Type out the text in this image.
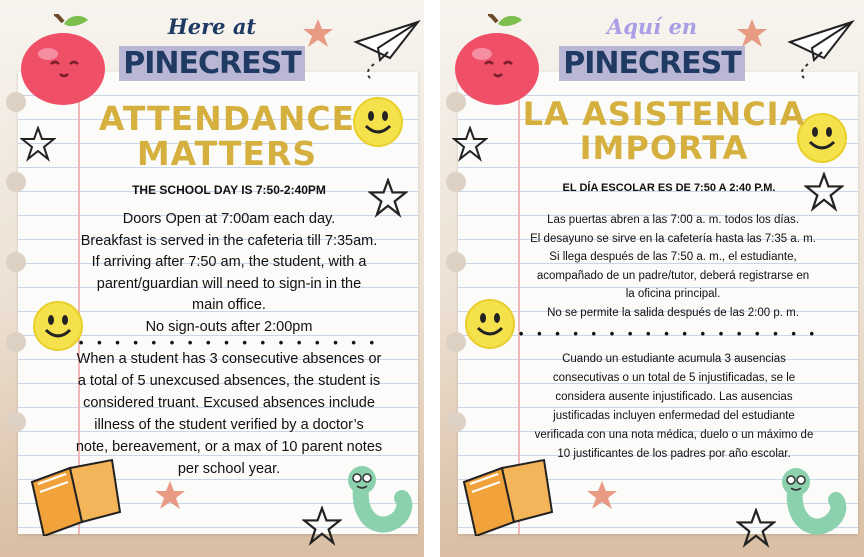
Here at
PINECREST
ATTENDANCE
MATTERS

THE SCHOOL DAY IS 7:50-2:40PM

Doors Open at 7:00am each day.
Breakfast is served in the cafeteria till 7:35am.
If arriving after 7:50 am, the student, with a
parent/guardian will need to sign-in in the
main office.
No sign-outs after 2:00pm
• • • • • • • • • • • • • • • • •
When a student has 3 consecutive absences or
a total of 5 unexcused absences, the student is
considered truant. Excused absences include
illness of the student verified by a doctor’s
note, bereavement, or a max of 10 parent notes
per school year.
Aquí en
PINECREST
LA ASISTENCIA
IMPORTA

EL DÍA ESCOLAR ES DE 7:50 A 2:40 P.M.

Las puertas abren a las 7:00 a. m. todos los días.
El desayuno se sirve en la cafetería hasta las 7:35 a. m.
Si llega después de las 7:50 a. m., el estudiante,
acompañado de un padre/tutor, deberá registrarse en
la oficina principal.
No se permite la salida después de las 2:00 p. m.
• • • • • • • • • • • • • • • • •
Cuando un estudiante acumula 3 ausencias
consecutivas o un total de 5 injustificadas, se le
considera ausente injustificado. Las ausencias
justificadas incluyen enfermedad del estudiante
verificada con una nota médica, duelo o un máximo de
10 justificantes de los padres por año escolar.
